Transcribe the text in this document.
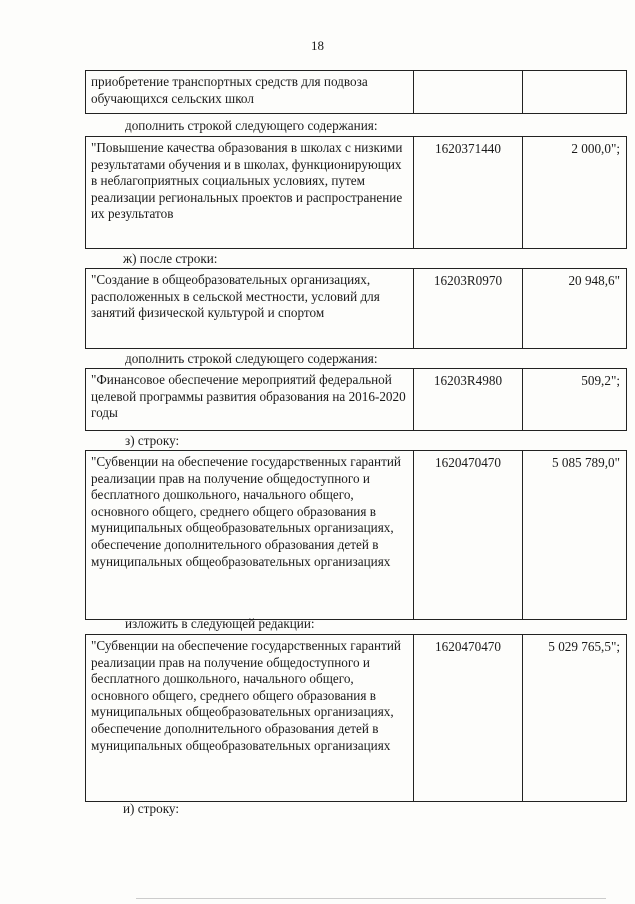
18
приобретение транспортных средств для подвоза обучающихся сельских школ		
дополнить строкой следующего содержания:
"Повышение качества образования в школах с низкими результатами обучения и в школах, функционирующих в неблагоприятных социальных условиях, путем реализации региональных проектов и распространение их результатов	1620371440	2 000,0";
ж) после строки:
"Создание в общеобразовательных организациях, расположенных в сельской местности, условий для занятий физической культурой и спортом	16203R0970	20 948,6"
дополнить строкой следующего содержания:
"Финансовое обеспечение мероприятий федеральной целевой программы развития образования на 2016-2020 годы	16203R4980	509,2";
з) строку:
"Субвенции на обеспечение государственных гарантий реализации прав на получение общедоступного и бесплатного дошкольного, начального общего, основного общего, среднего общего образования в муниципальных общеобразовательных организациях, обеспечение дополнительного образования детей в муниципальных общеобразовательных организациях	1620470470	5 085 789,0"
изложить в следующей редакции:
"Субвенции на обеспечение государственных гарантий реализации прав на получение общедоступного и бесплатного дошкольного, начального общего, основного общего, среднего общего образования в муниципальных общеобразовательных организациях, обеспечение дополнительного образования детей в муниципальных общеобразовательных организациях	1620470470	5 029 765,5";
и) строку:
